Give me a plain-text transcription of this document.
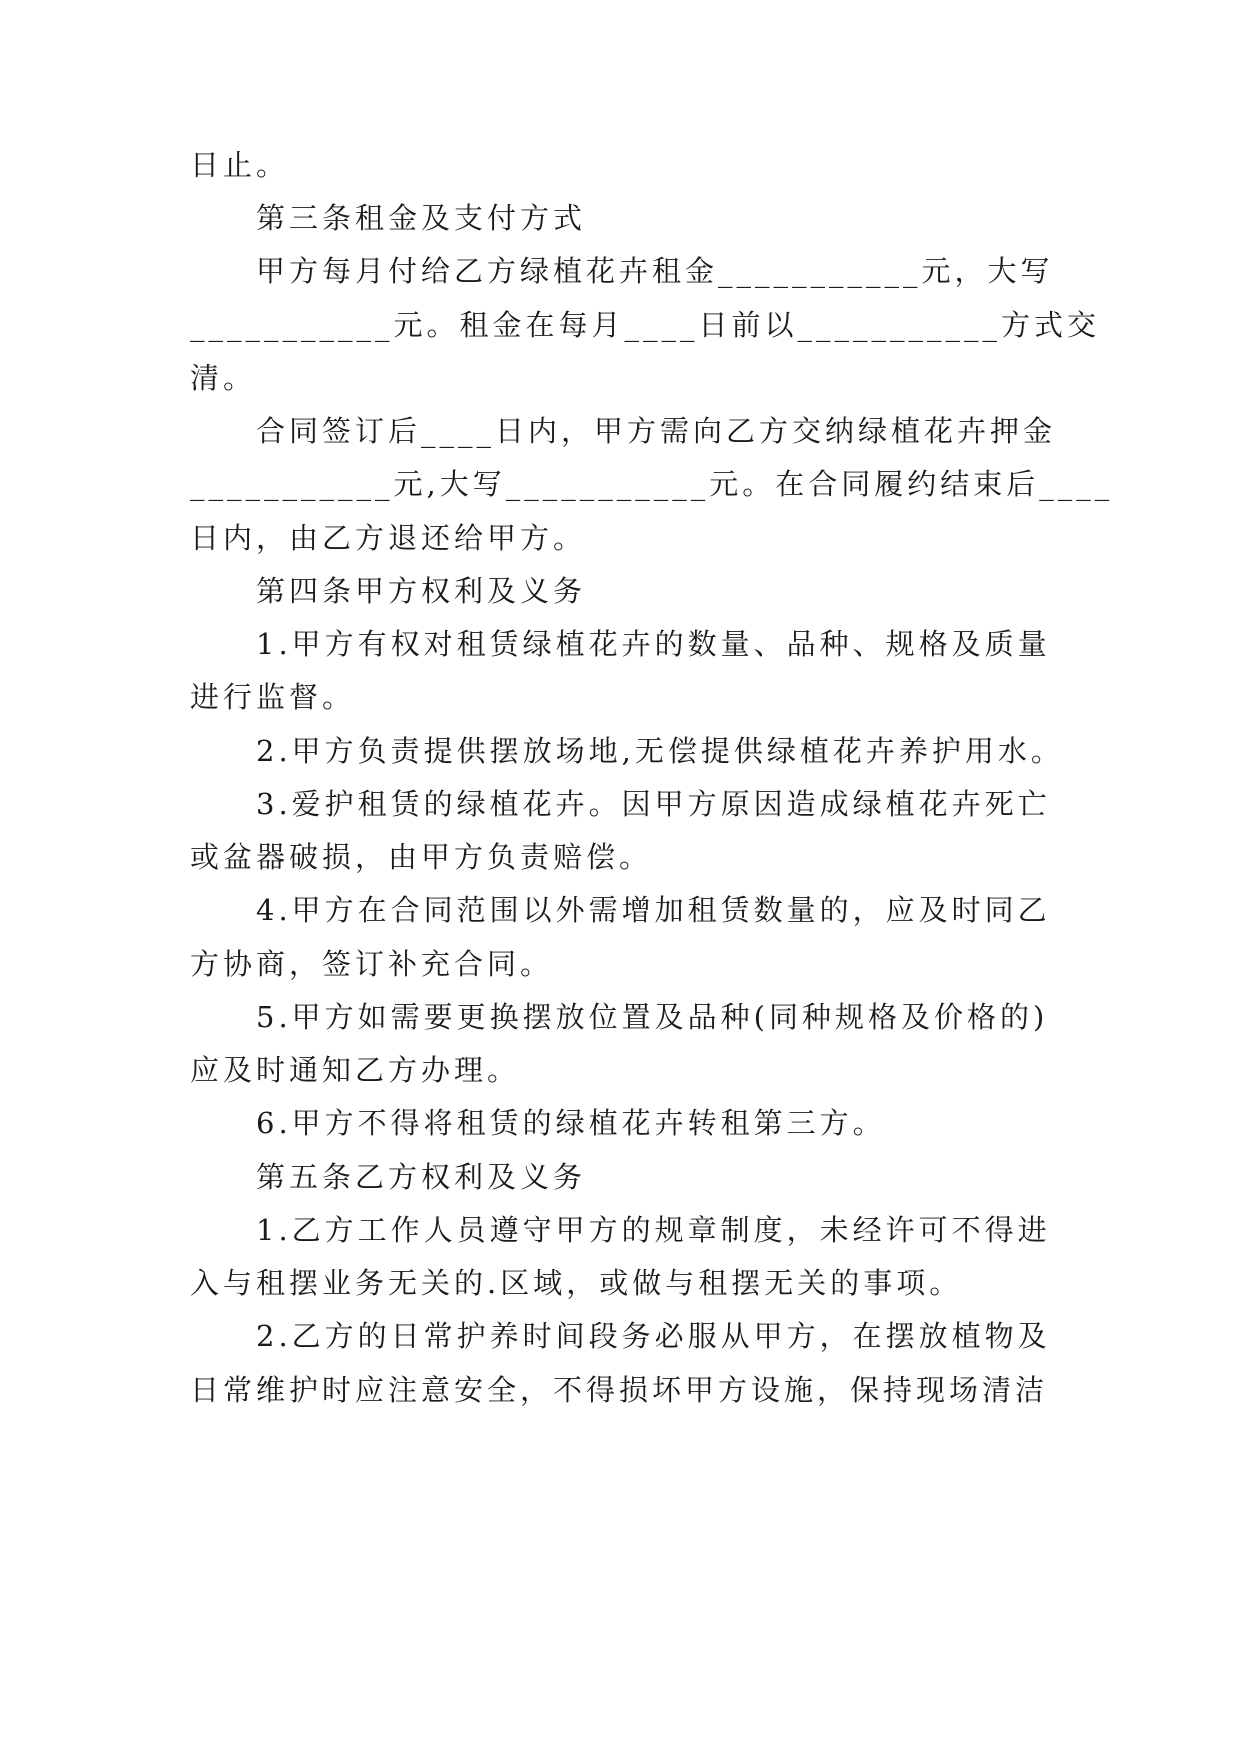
日止。
第三条租金及支付方式
甲方每月付给乙方绿植花卉租金___________元，大写
___________元。租金在每月____日前以___________方式交
清。
合同签订后____日内，甲方需向乙方交纳绿植花卉押金
___________元,大写___________元。在合同履约结束后____
日内，由乙方退还给甲方。
第四条甲方权利及义务
1.甲方有权对租赁绿植花卉的数量、品种、规格及质量
进行监督。
2.甲方负责提供摆放场地,无偿提供绿植花卉养护用水。
3.爱护租赁的绿植花卉。因甲方原因造成绿植花卉死亡
或盆器破损，由甲方负责赔偿。
4.甲方在合同范围以外需增加租赁数量的，应及时同乙
方协商，签订补充合同。
5.甲方如需要更换摆放位置及品种(同种规格及价格的)
应及时通知乙方办理。
6.甲方不得将租赁的绿植花卉转租第三方。
第五条乙方权利及义务
1.乙方工作人员遵守甲方的规章制度，未经许可不得进
入与租摆业务无关的.区域，或做与租摆无关的事项。
2.乙方的日常护养时间段务必服从甲方，在摆放植物及
日常维护时应注意安全，不得损坏甲方设施，保持现场清洁
